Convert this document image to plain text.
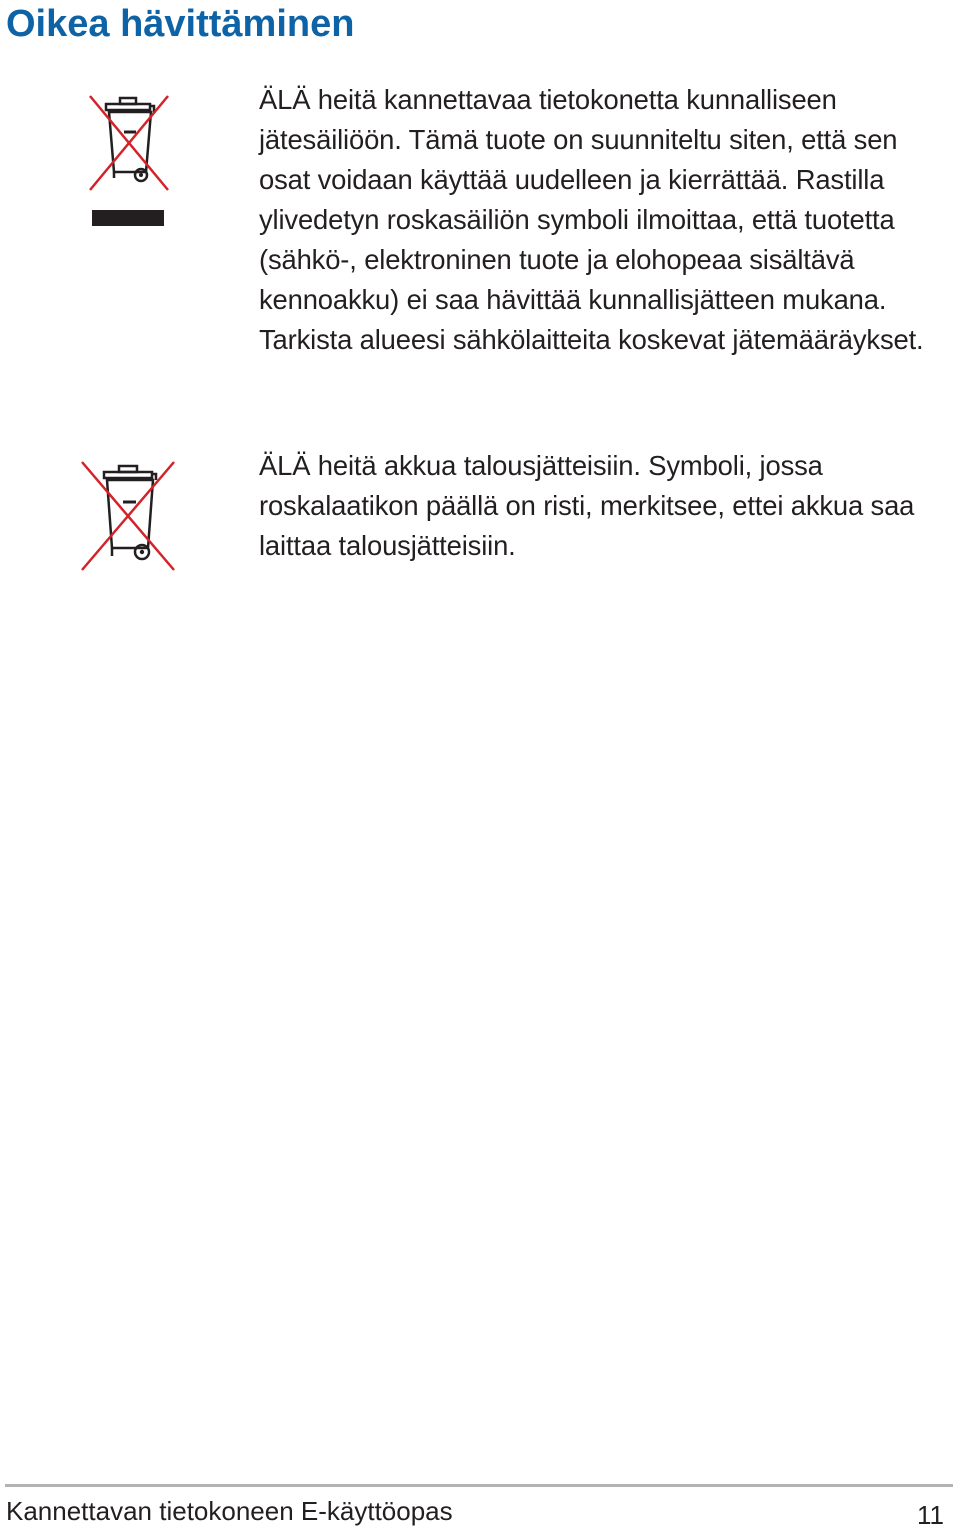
Oikea hävittäminen

ÄLÄ heitä kannettavaa tietokonetta kunnalliseen jätesäiliöön. Tämä tuote on suunniteltu siten, että sen osat voidaan käyttää uudelleen ja kierrättää. Rastilla ylivedetyn roskasäiliön symboli ilmoittaa, että tuotetta (sähkö-, elektroninen tuote ja elohopeaa sisältävä kennoakku) ei saa hävittää kunnallisjätteen mukana. Tarkista alueesi sähkölaitteita koskevat jätemääräykset.

ÄLÄ heitä akkua talousjätteisiin. Symboli, jossa roskalaatikon päällä on risti, merkitsee, ettei akkua saa laittaa talousjätteisiin.

Kannettavan tietokoneen E-käyttöopas	11
